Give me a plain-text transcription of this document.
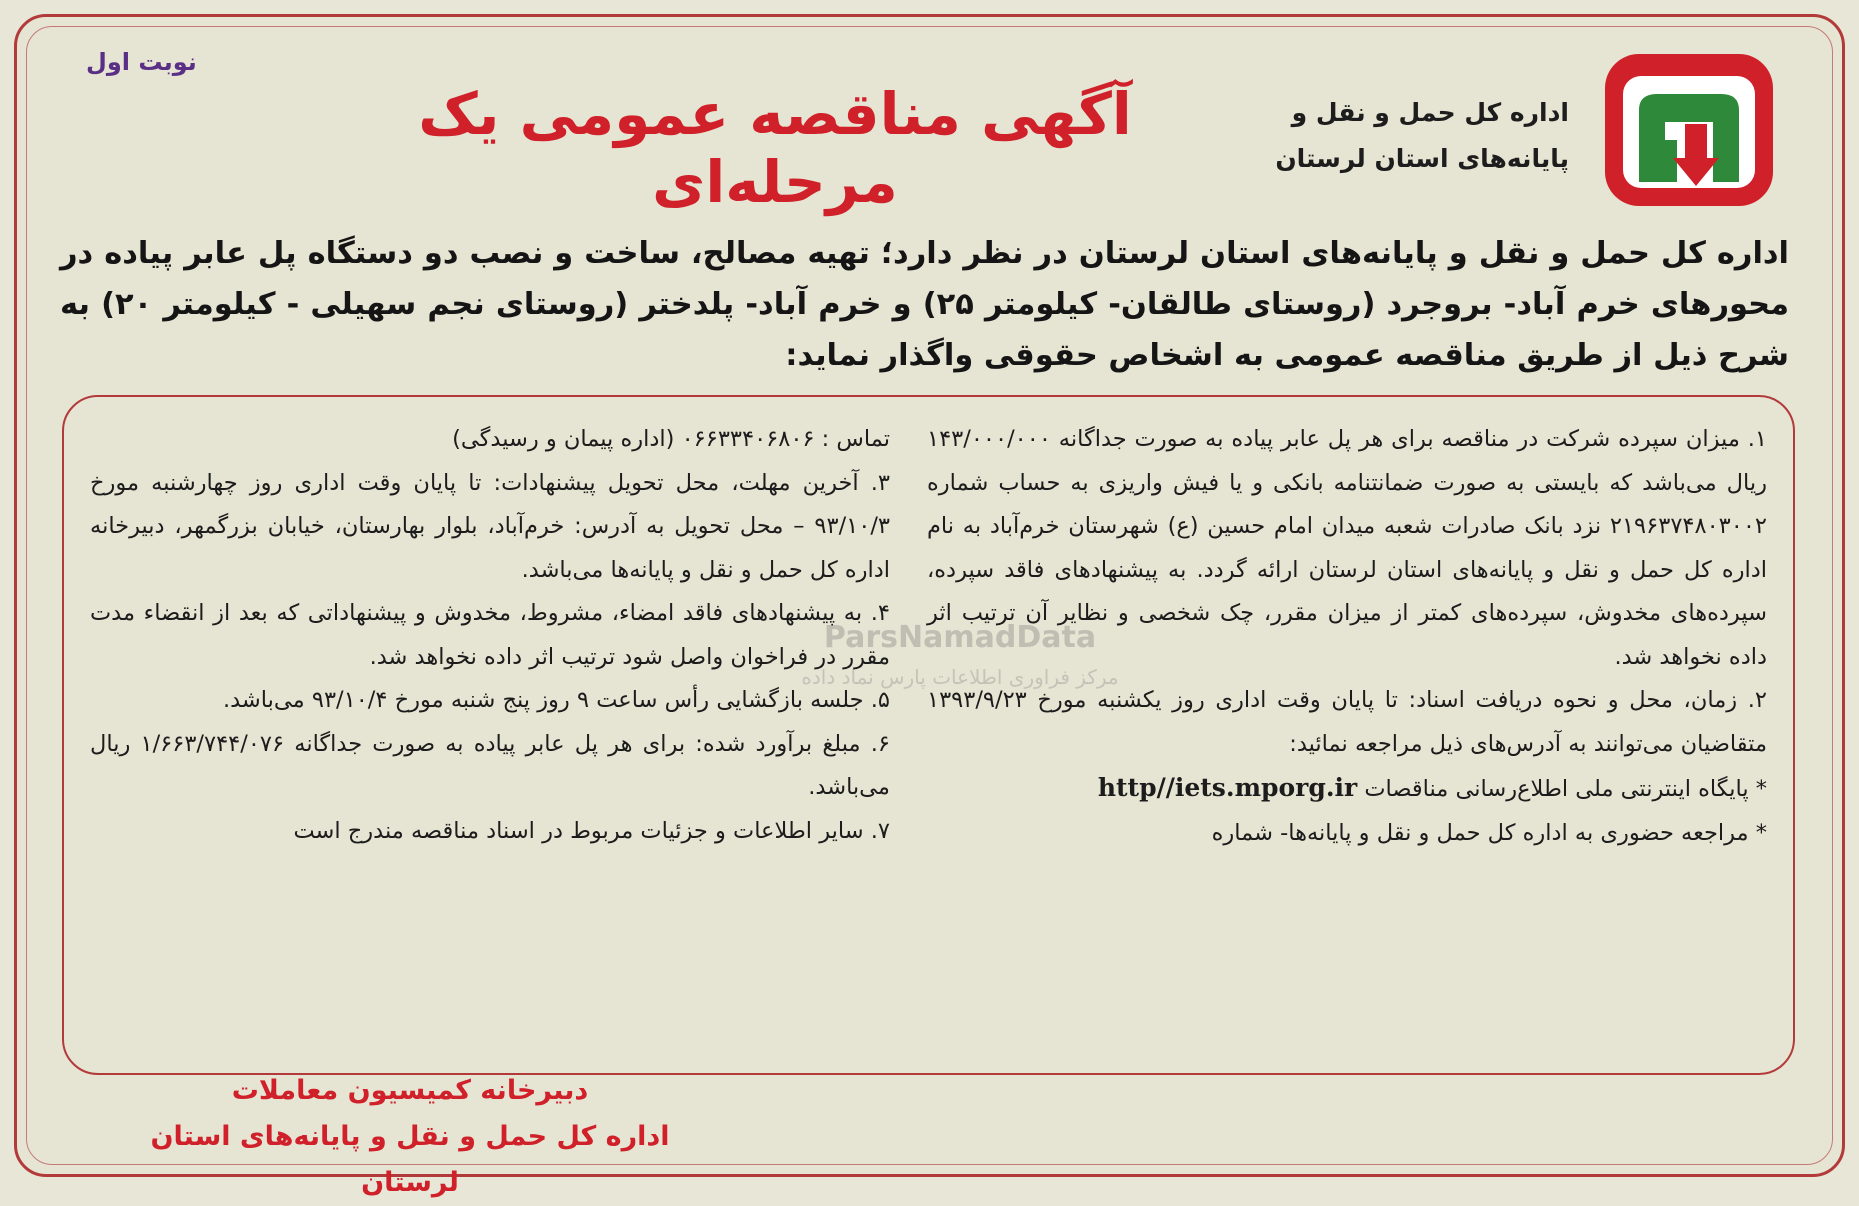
نوبت اول
آگهی مناقصه عمومی یک مرحله‌ای
اداره کل حمل و نقل و
پایانه‌های استان لرستان
اداره کل حمل و نقل و پایانه‌های استان لرستان در نظر دارد؛ تهیه مصالح، ساخت و نصب دو دستگاه پل عابر پیاده در محورهای خرم آباد- بروجرد (روستای طالقان- کیلومتر ۲۵) و خرم آباد- پلدختر (روستای نجم سهیلی - کیلومتر ۲۰) به شرح ذیل از طریق مناقصه عمومی به اشخاص حقوقی واگذار نماید:
ParsNamadData
مرکز فراوری اطلاعات پارس نماد داده

۱. میزان سپرده شرکت در مناقصه برای هر پل عابر پیاده به صورت جداگانه ۱۴۳/۰۰۰/۰۰۰ ریال می‌باشد که بایستی به صورت ضمانتنامه بانکی و یا فیش واریزی به حساب شماره ۲۱۹۶۳۷۴۸۰۳۰۰۲ نزد بانک صادرات شعبه میدان امام حسین (ع) شهرستان خرم‌آباد به نام اداره کل حمل و نقل و پایانه‌های استان لرستان ارائه گردد. به پیشنهادهای فاقد سپرده، سپرده‌های مخدوش، سپرده‌های کمتر از میزان مقرر، چک شخصی و نظایر آن ترتیب اثر داده نخواهد شد.

۲. زمان، محل و نحوه دریافت اسناد: تا پایان وقت اداری روز یکشنبه مورخ ۱۳۹۳/۹/۲۳ متقاضیان می‌توانند به آدرس‌های ذیل مراجعه نمائید:

* پایگاه اینترنتی ملی اطلاع‌رسانی مناقصات http//iets.mporg.ir

* مراجعه حضوری به اداره کل حمل و نقل و پایانه‌ها- شماره

تماس : ۰۶۶۳۳۴۰۶۸۰۶ (اداره پیمان و رسیدگی)

۳. آخرین مهلت، محل تحویل پیشنهادات: تا پایان وقت اداری روز چهارشنبه مورخ ۹۳/۱۰/۳ – محل تحویل به آدرس: خرم‌آباد، بلوار بهارستان، خیابان بزرگمهر، دبیرخانه اداره کل حمل و نقل و پایانه‌ها می‌باشد.

۴. به پیشنهادهای فاقد امضاء، مشروط، مخدوش و پیشنهاداتی که بعد از انقضاء مدت مقرر در فراخوان واصل شود ترتیب اثر داده نخواهد شد.

۵. جلسه بازگشایی رأس ساعت ۹ روز پنج شنبه مورخ ۹۳/۱۰/۴ می‌باشد.

۶. مبلغ برآورد شده: برای هر پل عابر پیاده به صورت جداگانه ۱/۶۶۳/۷۴۴/۰۷۶ ریال می‌باشد.

۷. سایر اطلاعات و جزئیات مربوط در اسناد مناقصه مندرج است

دبیرخانه کمیسیون معاملات
اداره کل حمل و نقل و پایانه‌های استان لرستان
